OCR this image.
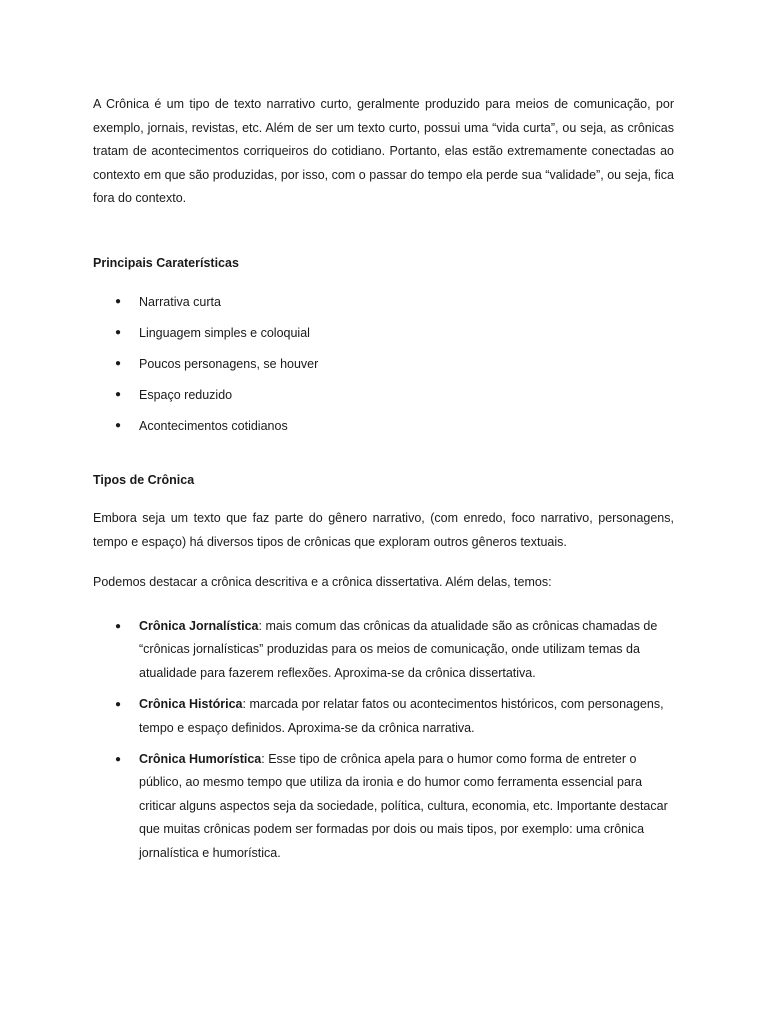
A Crônica é um tipo de texto narrativo curto, geralmente produzido para meios de comunicação, por exemplo, jornais, revistas, etc. Além de ser um texto curto, possui uma “vida curta”, ou seja, as crônicas tratam de acontecimentos corriqueiros do cotidiano. Portanto, elas estão extremamente conectadas ao contexto em que são produzidas, por isso, com o passar do tempo ela perde sua “validade”, ou seja, fica fora do contexto.

Principais Caraterísticas

● Narrativa curta
● Linguagem simples e coloquial
● Poucos personagens, se houver
● Espaço reduzido
● Acontecimentos cotidianos

Tipos de Crônica

Embora seja um texto que faz parte do gênero narrativo, (com enredo, foco narrativo, personagens, tempo e espaço) há diversos tipos de crônicas que exploram outros gêneros textuais.

Podemos destacar a crônica descritiva e a crônica dissertativa. Além delas, temos:

● Crônica Jornalística: mais comum das crônicas da atualidade são as crônicas chamadas de “crônicas jornalísticas” produzidas para os meios de comunicação, onde utilizam temas da atualidade para fazerem reflexões. Aproxima-se da crônica dissertativa.
● Crônica Histórica: marcada por relatar fatos ou acontecimentos históricos, com personagens, tempo e espaço definidos. Aproxima-se da crônica narrativa.
● Crônica Humorística: Esse tipo de crônica apela para o humor como forma de entreter o público, ao mesmo tempo que utiliza da ironia e do humor como ferramenta essencial para criticar alguns aspectos seja da sociedade, política, cultura, economia, etc. Importante destacar que muitas crônicas podem ser formadas por dois ou mais tipos, por exemplo: uma crônica jornalística e humorística.
